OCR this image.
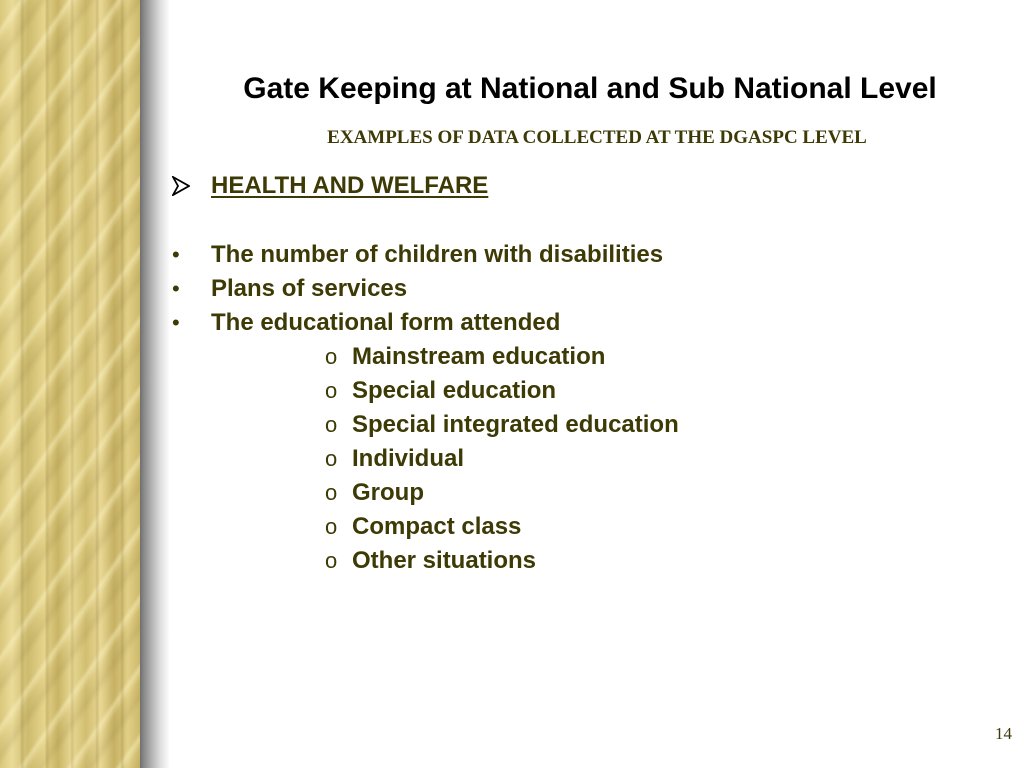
Gate Keeping at National and Sub National Level
EXAMPLES OF DATA COLLECTED AT THE DGASPC LEVEL
HEALTH AND WELFARE
• The number of children with disabilities
• Plans of services
• The educational form attended
o Mainstream education
o Special education
o Special integrated education
o Individual
o Group
o Compact class
o Other situations
14
